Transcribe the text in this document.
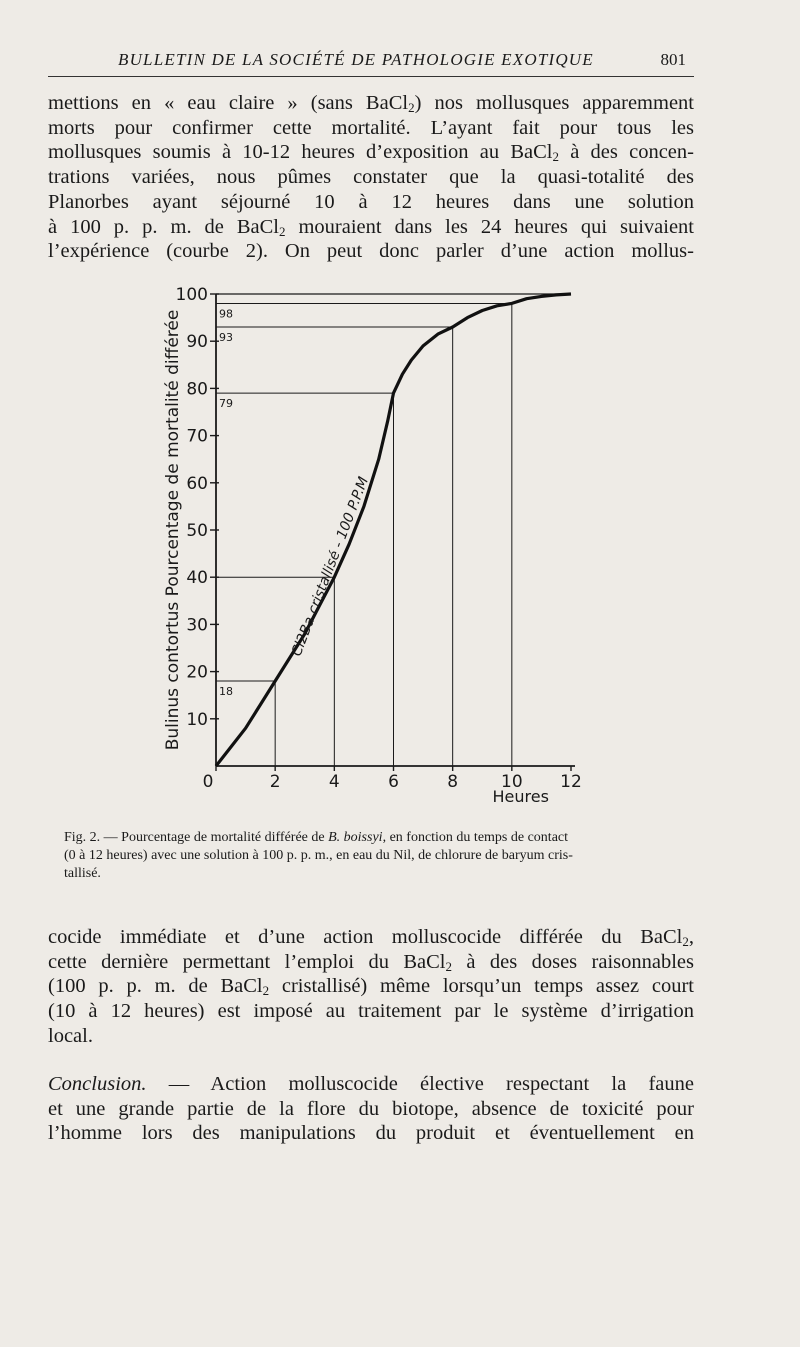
BULLETIN DE LA SOCIÉTÉ DE PATHOLOGIE EXOTIQUE	801
mettions en « eau claire » (sans BaCl$_2$) nos mollusques apparemment
morts pour confirmer cette mortalité. L’ayant fait pour tous les
mollusques soumis à 10-12 heures d’exposition au BaCl$_2$ à des concen-
trations variées, nous pûmes constater que la quasi-totalité des
Planorbes ayant séjourné 10 à 12 heures dans une solution
à 100 p. p. m. de BaCl$_2$ mouraient dans les 24 heures qui suivaient
l’expérience (courbe 2). On peut donc parler d’une action mollus-
10
20
30
40
50
60
70
80
90
100
0	2	4	6	8	10 12
18
79
93
98
Cl2Ba cristallisé - 100 P.P.M
Heures
Bulinus contortus Pourcentage de mortalité différée
Fig. 2. — Pourcentage de mortalité différée de B. boissyi, en fonction du temps de contact
(0 à 12 heures) avec une solution à 100 p. p. m., en eau du Nil, de chlorure de baryum cris-
tallisé.
cocide immédiate et d’une action molluscocide différée du BaCl$_2$,
cette dernière permettant l’emploi du BaCl$_2$ à des doses raisonnables
(100 p. p. m. de BaCl$_2$ cristallisé) même lorsqu’un temps assez court
(10 à 12 heures) est imposé au traitement par le système d’irrigation
local.
Conclusion. — Action molluscocide élective respectant la faune
et une grande partie de la flore du biotope, absence de toxicité pour
l’homme lors des manipulations du produit et éventuellement en
